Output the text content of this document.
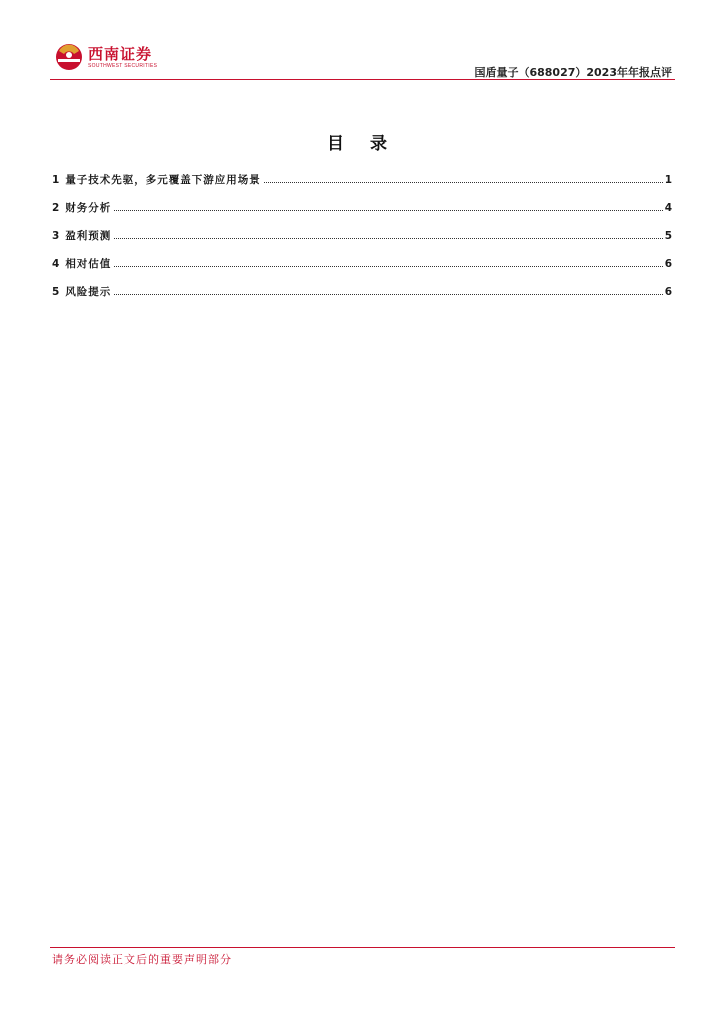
西南证券
SOUTHWEST SECURITIES	国盾量子（688027）2023年年报点评
目 录
1 量子技术先驱，多元覆盖下游应用场景	1
2 财务分析	4
3 盈利预测	5
4 相对估值	6
5 风险提示	6
请务必阅读正文后的重要声明部分
